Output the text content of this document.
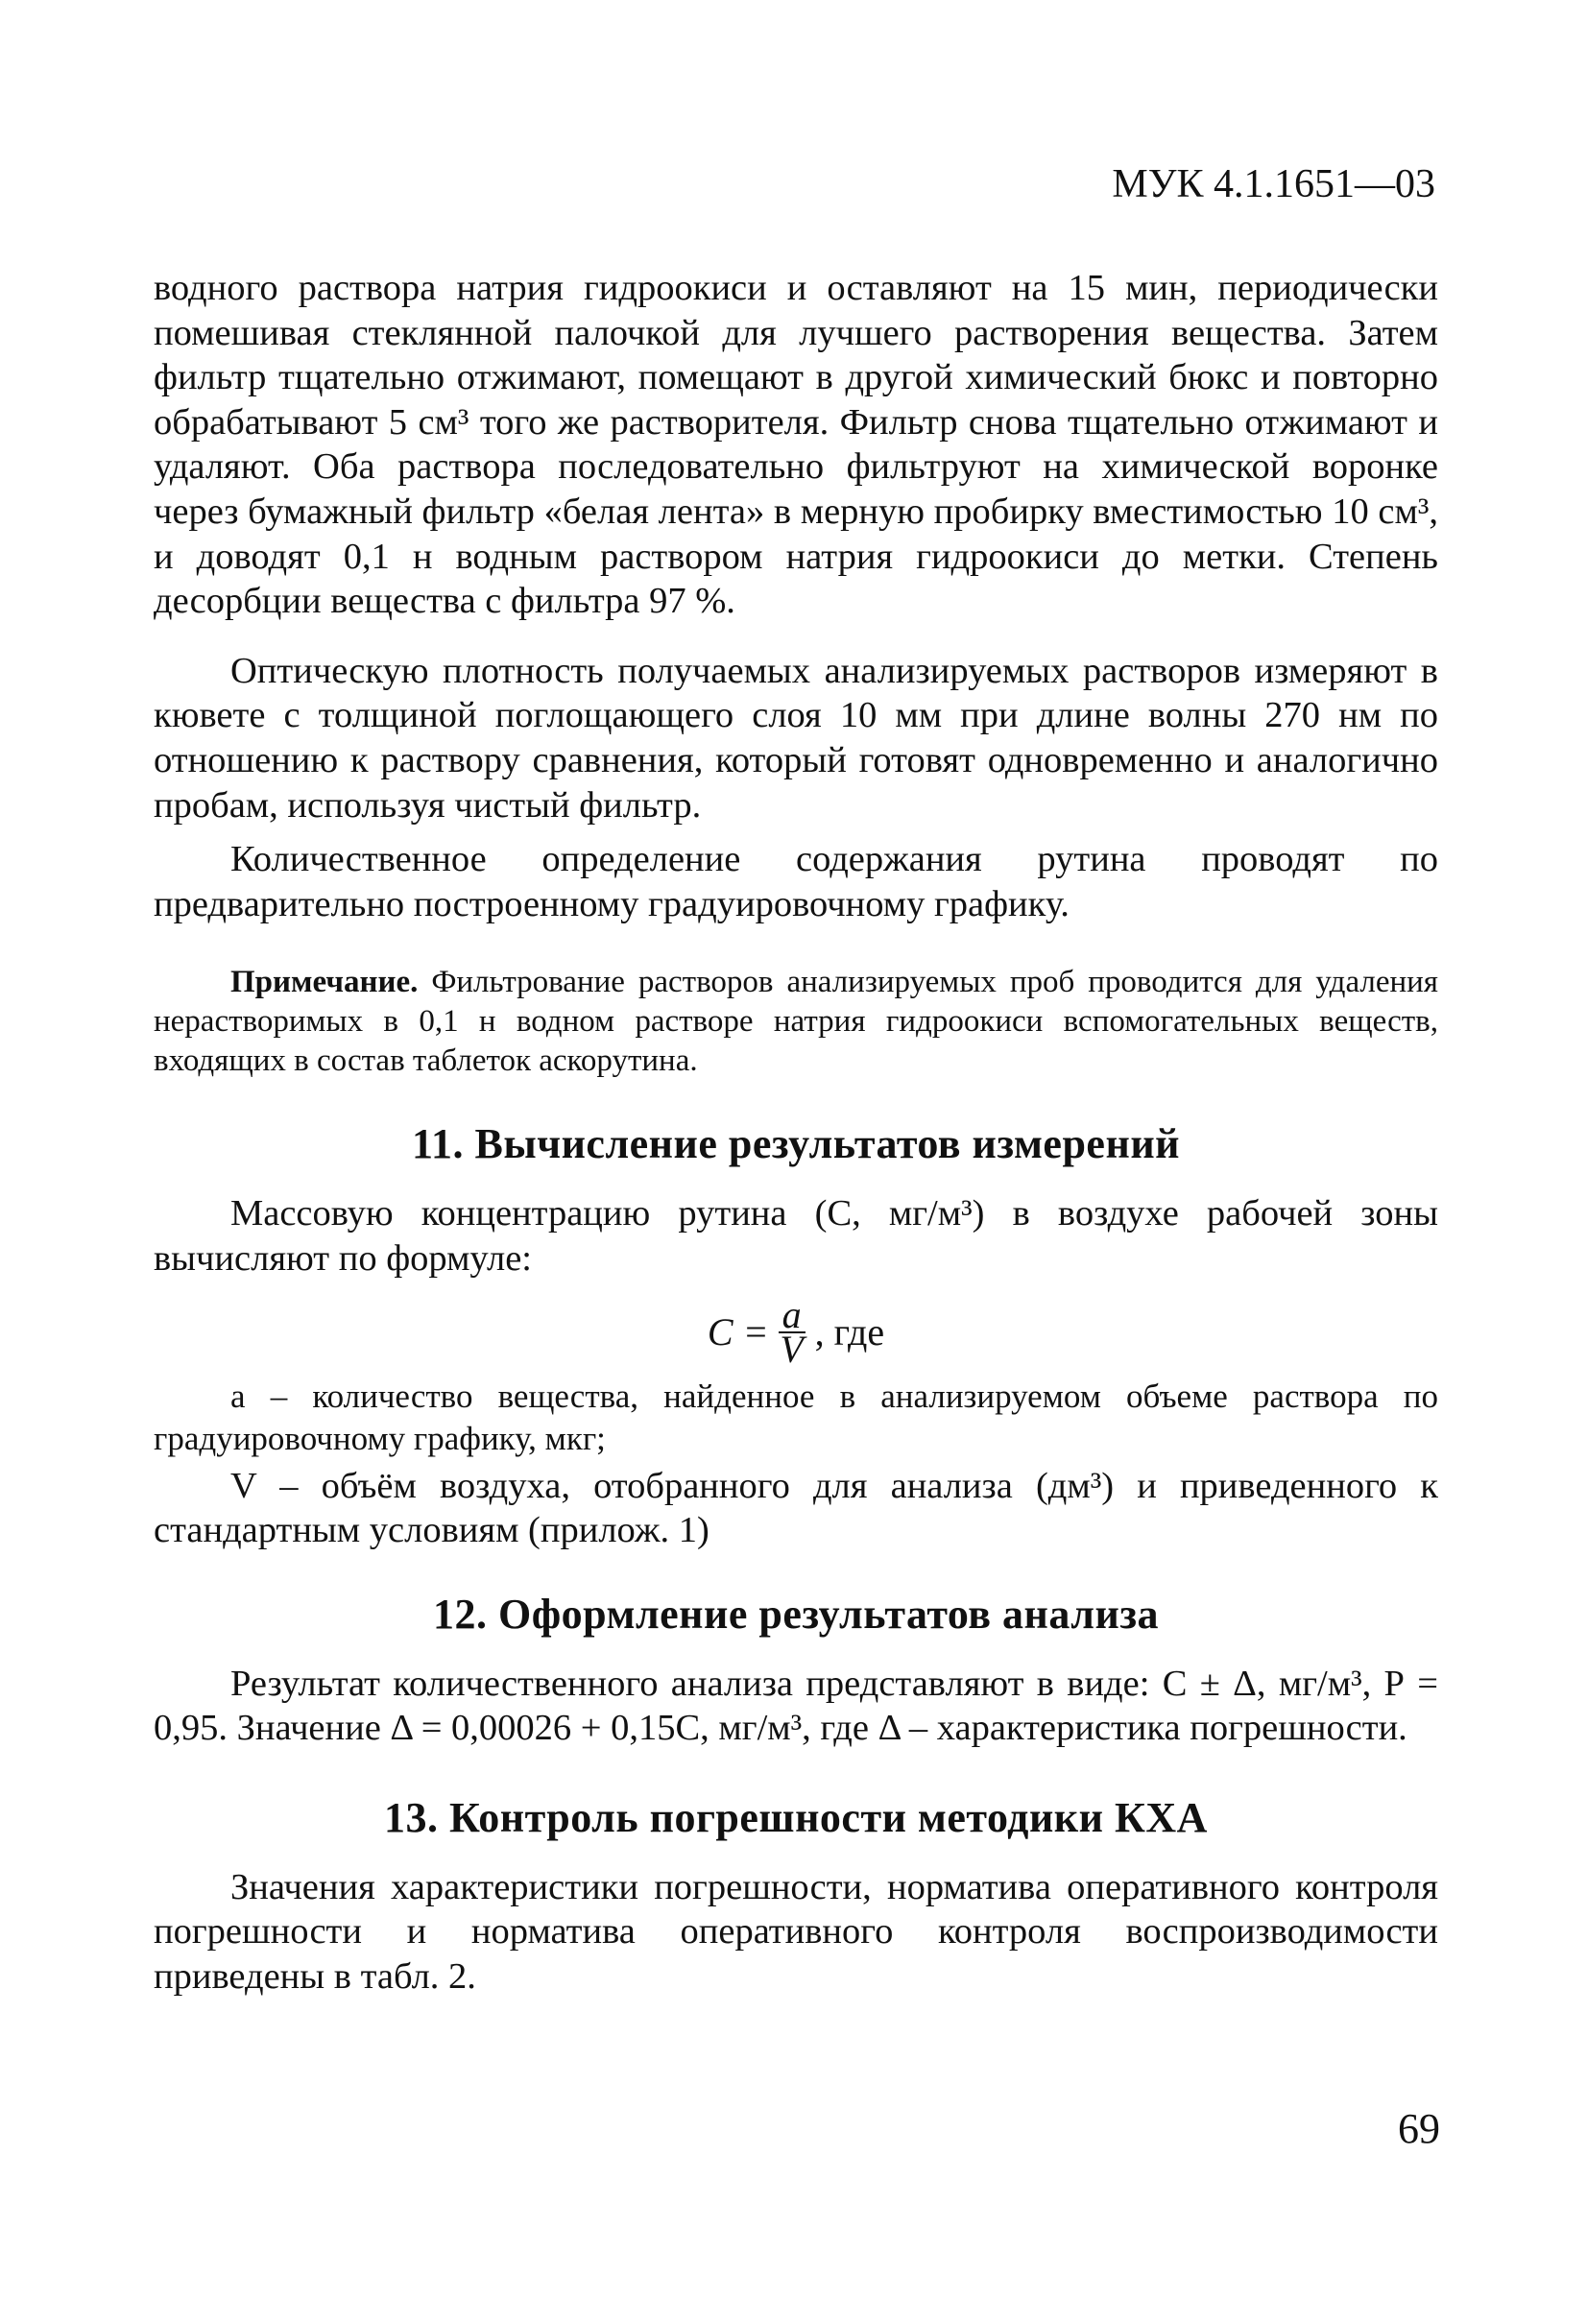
МУК 4.1.1651—03

водного раствора натрия гидроокиси и оставляют на 15 мин, периодически помешивая стеклянной палочкой для лучшего растворения вещества. Затем фильтр тщательно отжимают, помещают в другой химический бюкс и повторно обрабатывают 5 см³ того же растворителя. Фильтр снова тщательно отжимают и удаляют. Оба раствора последовательно фильтруют на химической воронке через бумажный фильтр «белая лента» в мерную пробирку вместимостью 10 см³, и доводят 0,1 н водным раствором натрия гидроокиси до метки. Степень десорбции вещества с фильтра 97 %.

Оптическую плотность получаемых анализируемых растворов измеряют в кювете с толщиной поглощающего слоя 10 мм при длине волны 270 нм по отношению к раствору сравнения, который готовят одновременно и аналогично пробам, используя чистый фильтр.

Количественное определение содержания рутина проводят по предварительно построенному градуировочному графику.

Примечание. Фильтрование растворов анализируемых проб проводится для удаления нерастворимых в 0,1 н водном растворе натрия гидроокиси вспомогательных веществ, входящих в состав таблеток аскорутина.

11. Вычисление результатов измерений

Массовую концентрацию рутина (С, мг/м³) в воздухе рабочей зоны вычисляют по формуле:

$C = \frac{a}{V}$ , где

а – количество вещества, найденное в анализируемом объеме раствора по градуировочному графику, мкг;

V – объём воздуха, отобранного для анализа (дм³) и приведенного к стандартным условиям (прилож. 1)

12. Оформление результатов анализа

Результат количественного анализа представляют в виде: С ± Δ, мг/м³, Р = 0,95. Значение Δ = 0,00026 + 0,15С, мг/м³, где Δ – характеристика погрешности.

13. Контроль погрешности методики КХА

Значения характеристики погрешности, норматива оперативного контроля погрешности и норматива оперативного контроля воспроизводимости приведены в табл. 2.

69
